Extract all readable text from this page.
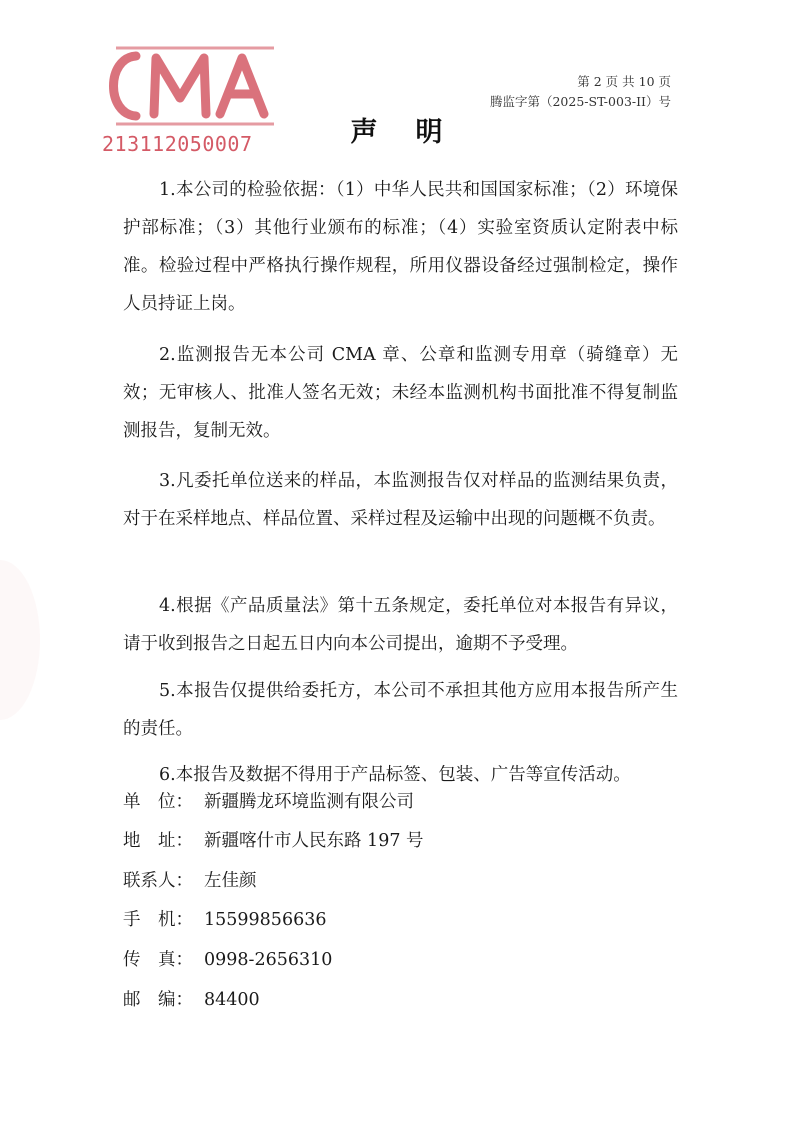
213112050007
第 2 页 共 10 页
腾监字第（2025-ST-003-II）号
声明

1.本公司的检验依据：（1）中华人民共和国国家标准；（2）环境保护部标准；（3）其他行业颁布的标准；（4）实验室资质认定附表中标准。检验过程中严格执行操作规程，所用仪器设备经过强制检定，操作人员持证上岗。

2.监测报告无本公司 CMA 章、公章和监测专用章（骑缝章）无效；无审核人、批准人签名无效；未经本监测机构书面批准不得复制监测报告，复制无效。

3.凡委托单位送来的样品，本监测报告仅对样品的监测结果负责，对于在采样地点、样品位置、采样过程及运输中出现的问题概不负责。

4.根据《产品质量法》第十五条规定，委托单位对本报告有异议，请于收到报告之日起五日内向本公司提出，逾期不予受理。

5.本报告仅提供给委托方，本公司不承担其他方应用本报告所产生的责任。

6.本报告及数据不得用于产品标签、包装、广告等宣传活动。

单　位： 新疆腾龙环境监测有限公司
地　址： 新疆喀什市人民东路 197 号
联系人： 左佳颜
手　机： 15599856636
传　真： 0998-2656310
邮　编： 84400
